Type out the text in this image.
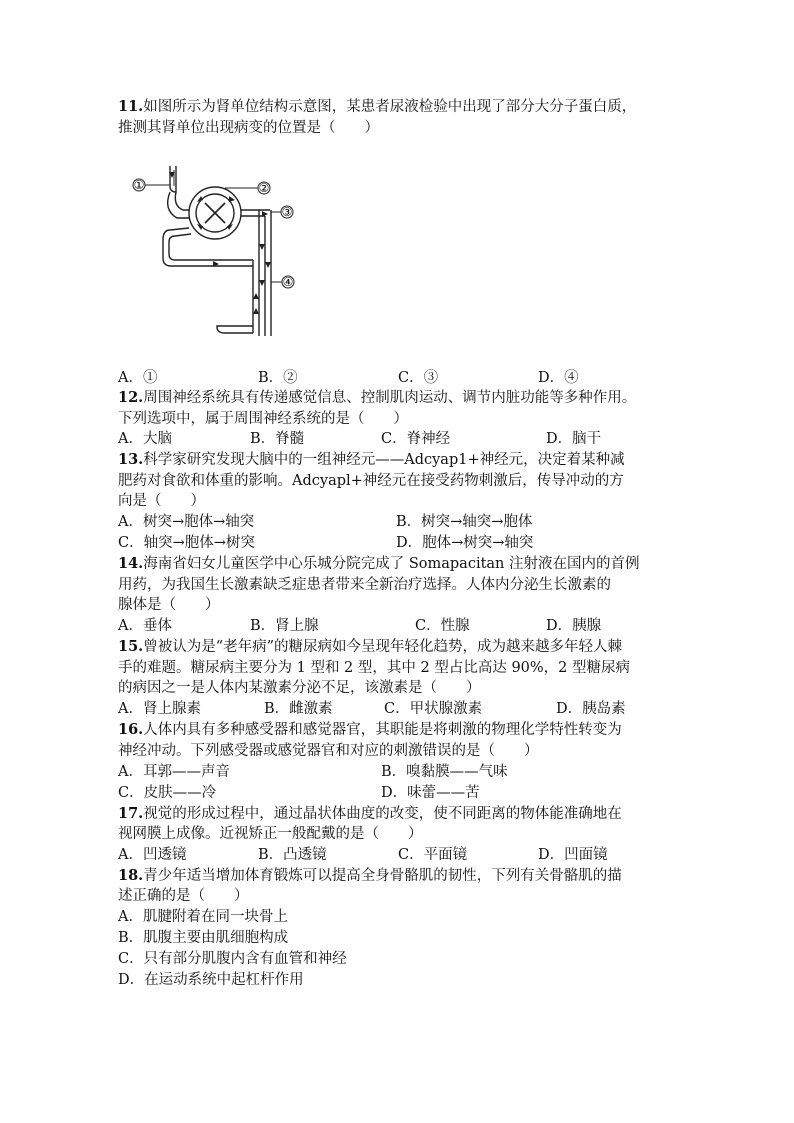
11.如图所示为肾单位结构示意图，某患者尿液检验中出现了部分大分子蛋白质，
推测其肾单位出现病变的位置是（　　）
①	②
③
④
A．①	B．②	C．③	D．④
12.周围神经系统具有传递感觉信息、控制肌肉运动、调节内脏功能等多种作用。
下列选项中，属于周围神经系统的是（　　）
A．大脑	B．脊髓	C．脊神经	D．脑干
13.科学家研究发现大脑中的一组神经元——Adcyap1+神经元，决定着某种减
肥药对食欲和体重的影响。Adcyapl+神经元在接受药物刺激后，传导冲动的方
向是（　　）
A．树突→胞体→轴突	B．树突→轴突→胞体
C．轴突→胞体→树突	D．胞体→树突→轴突
14.海南省妇女儿童医学中心乐城分院完成了 Somapacitan 注射液在国内的首例
用药，为我国生长激素缺乏症患者带来全新治疗选择。人体内分泌生长激素的
腺体是（　　）
A．垂体	B．肾上腺	C．性腺	D．胰腺
15.曾被认为是“老年病”的糖尿病如今呈现年轻化趋势，成为越来越多年轻人棘
手的难题。糖尿病主要分为 1 型和 2 型，其中 2 型占比高达 90%，2 型糖尿病
的病因之一是人体内某激素分泌不足，该激素是（　　）
A．肾上腺素	B．雌激素	C．甲状腺激素	D．胰岛素
16.人体内具有多种感受器和感觉器官，其职能是将刺激的物理化学特性转变为
神经冲动。下列感受器或感觉器官和对应的刺激错误的是（　　）
A．耳郭——声音	B．嗅黏膜——气味
C．皮肤——冷	D．味蕾——苦
17.视觉的形成过程中，通过晶状体曲度的改变，使不同距离的物体能准确地在
视网膜上成像。近视矫正一般配戴的是（　　）
A．凹透镜	B．凸透镜	C．平面镜	D．凹面镜
18.青少年适当增加体育锻炼可以提高全身骨骼肌的韧性，下列有关骨骼肌的描
述正确的是（　　）
A．肌腱附着在同一块骨上
B．肌腹主要由肌细胞构成
C．只有部分肌腹内含有血管和神经
D．在运动系统中起杠杆作用
